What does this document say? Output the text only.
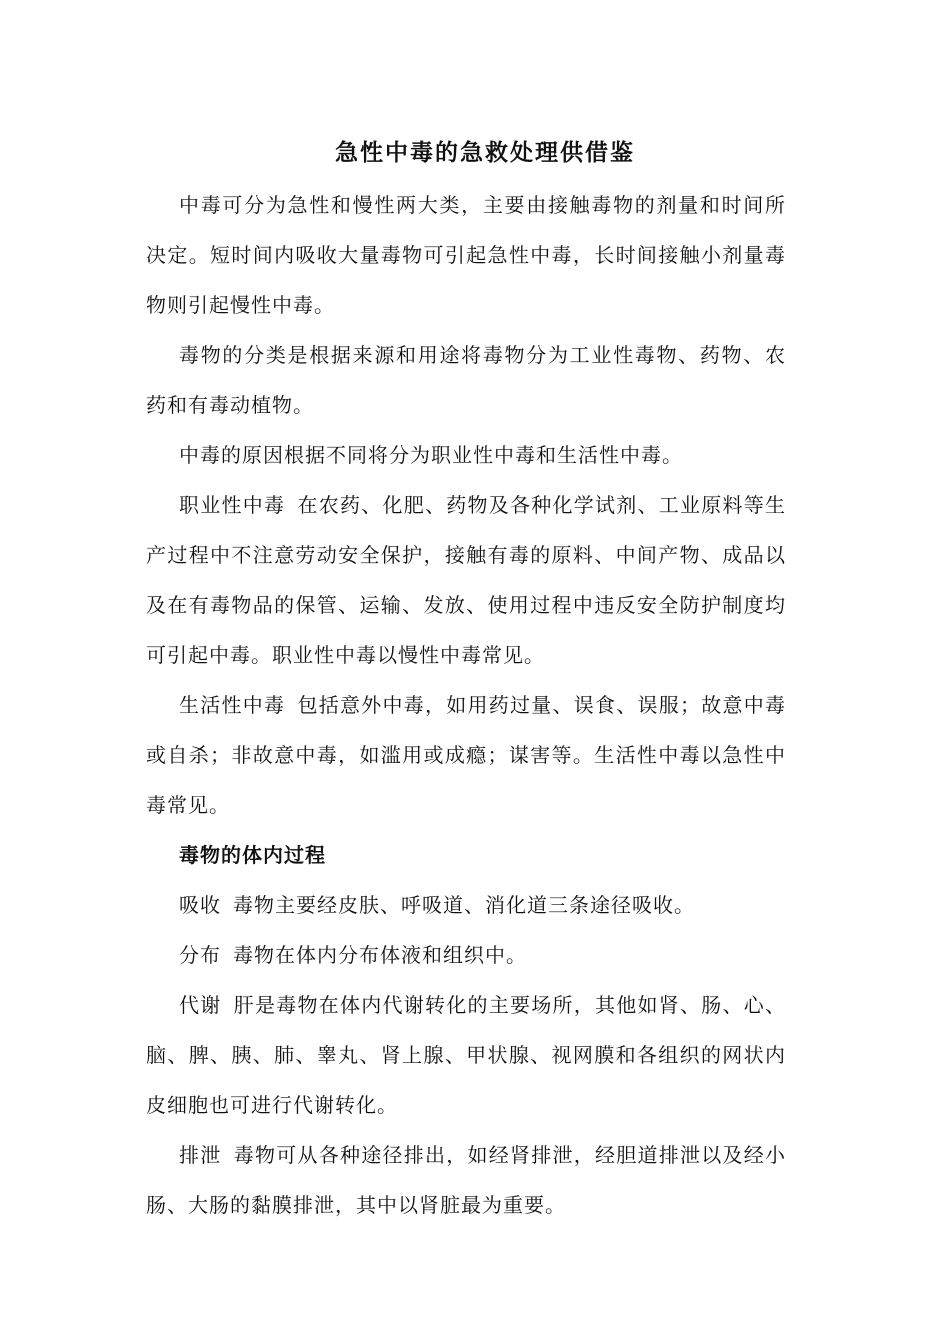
急性中毒的急救处理供借鉴

中毒可分为急性和慢性两大类，主要由接触毒物的剂量和时间所决定。短时间内吸收大量毒物可引起急性中毒，长时间接触小剂量毒物则引起慢性中毒。

毒物的分类是根据来源和用途将毒物分为工业性毒物、药物、农药和有毒动植物。

中毒的原因根据不同将分为职业性中毒和生活性中毒。

职业性中毒 在农药、化肥、药物及各种化学试剂、工业原料等生产过程中不注意劳动安全保护，接触有毒的原料、中间产物、成品以及在有毒物品的保管、运输、发放、使用过程中违反安全防护制度均可引起中毒。职业性中毒以慢性中毒常见。

生活性中毒 包括意外中毒，如用药过量、误食、误服；故意中毒或自杀；非故意中毒，如滥用或成瘾；谋害等。生活性中毒以急性中毒常见。

毒物的体内过程

吸收 毒物主要经皮肤、呼吸道、消化道三条途径吸收。

分布 毒物在体内分布体液和组织中。

代谢 肝是毒物在体内代谢转化的主要场所，其他如肾、肠、心、脑、脾、胰、肺、睾丸、肾上腺、甲状腺、视网膜和各组织的网状内皮细胞也可进行代谢转化。

排泄 毒物可从各种途径排出，如经肾排泄，经胆道排泄以及经小肠、大肠的黏膜排泄，其中以肾脏最为重要。
